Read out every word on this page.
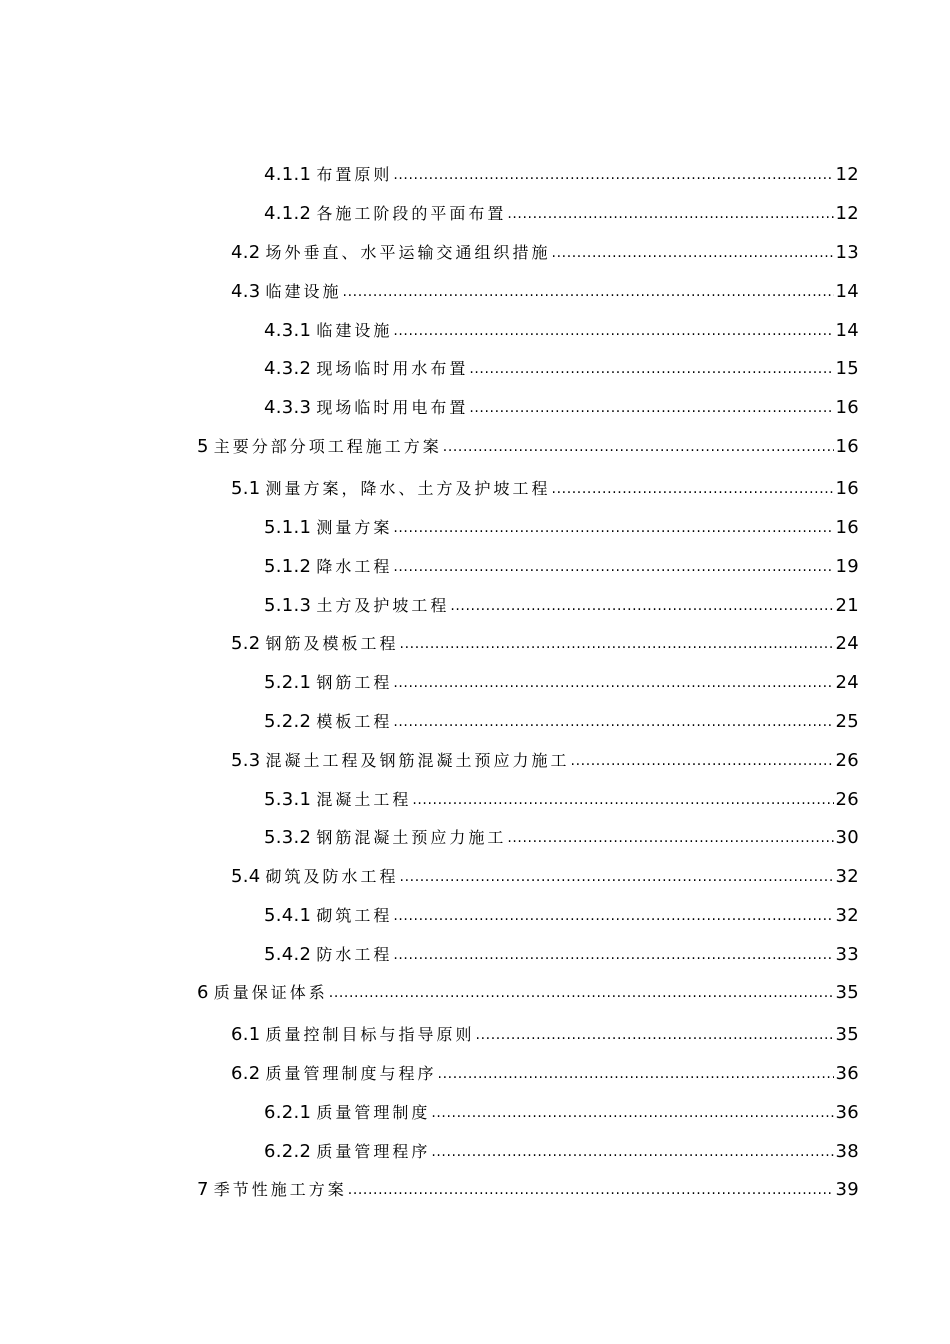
4.1.1 布置原则 .....	12
4.1.2 各施工阶段的平面布置 .....	12
4.2 场外垂直、水平运输交通组织措施 .....	13
4.3 临建设施 .....	14
4.3.1 临建设施 .....	14
4.3.2 现场临时用水布置 .....	15
4.3.3 现场临时用电布置 .....	16
5 主要分部分项工程施工方案 .....	16
5.1 测量方案，降水、土方及护坡工程 .....	16
5.1.1 测量方案 .....	16
5.1.2 降水工程 .....	19
5.1.3 土方及护坡工程 .....	21
5.2 钢筋及模板工程 .....	24
5.2.1 钢筋工程 .....	24
5.2.2 模板工程 .....	25
5.3 混凝土工程及钢筋混凝土预应力施工 .....	26
5.3.1 混凝土工程 .....	26
5.3.2 钢筋混凝土预应力施工 .....	30
5.4 砌筑及防水工程 .....	32
5.4.1 砌筑工程 .....	32
5.4.2 防水工程 .....	33
6 质量保证体系 .....	35
6.1 质量控制目标与指导原则 .....	35
6.2 质量管理制度与程序 .....	36
6.2.1 质量管理制度 .....	36
6.2.2 质量管理程序 .....	38
7 季节性施工方案 .....	39
